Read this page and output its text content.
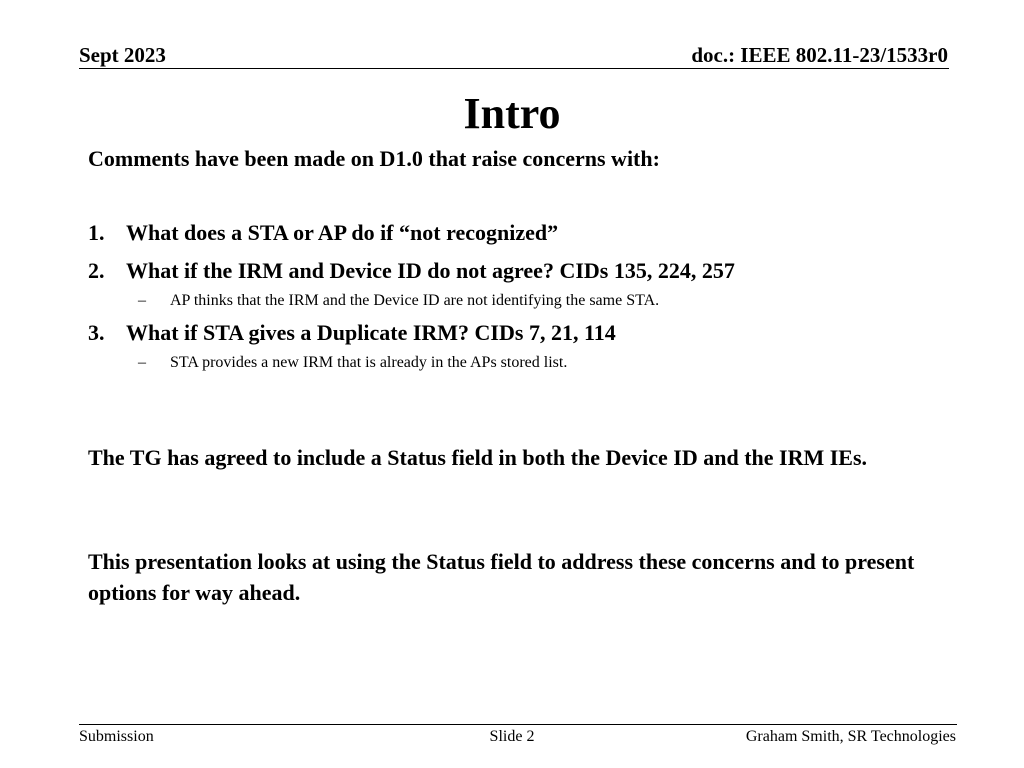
Sept 2023	doc.: IEEE 802.11-23/1533r0
Intro
Comments have been made on D1.0 that raise concerns with:
1. What does a STA or AP do if “not recognized”
2. What if the IRM and Device ID do not agree? CIDs 135, 224, 257
– AP thinks that the IRM and the Device ID are not identifying the same STA.
3. What if STA gives a Duplicate IRM? CIDs 7, 21, 114
– STA provides a new IRM that is already in the APs stored list.
The TG has agreed to include a Status field in both the Device ID and the IRM IEs.
This presentation looks at using the Status field to address these concerns and to present options for way ahead.
Submission	Slide 2	Graham Smith, SR Technologies
